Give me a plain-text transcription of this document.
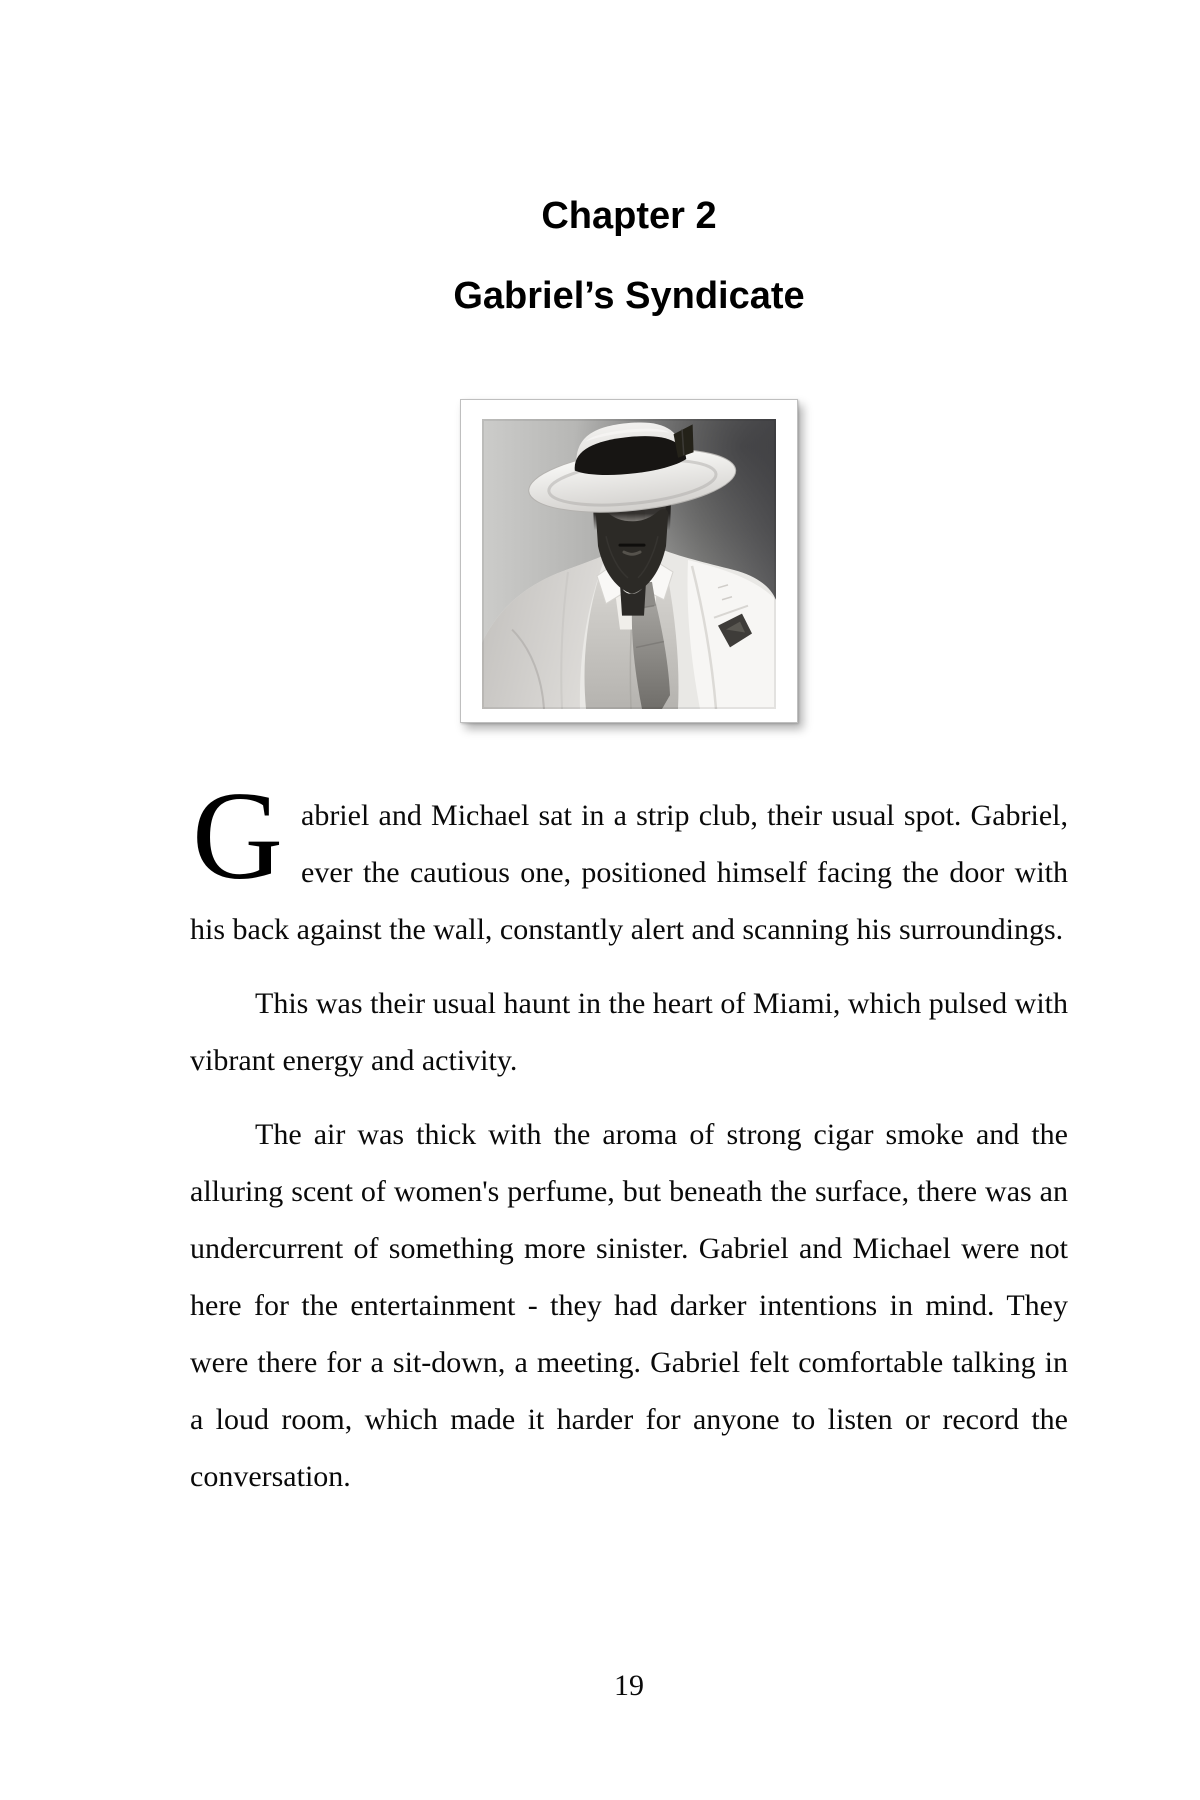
Chapter 2
Gabriel’s Syndicate

Gabriel and Michael sat in a strip club, their usual spot. Gabriel, ever the cautious one, positioned himself facing the door with his back against the wall, constantly alert and scanning his surroundings.

This was their usual haunt in the heart of Miami, which pulsed with vibrant energy and activity.

The air was thick with the aroma of strong cigar smoke and the alluring scent of women's perfume, but beneath the surface, there was an undercurrent of something more sinister. Gabriel and Michael were not here for the entertainment - they had darker intentions in mind. They were there for a sit-down, a meeting. Gabriel felt comfortable talking in a loud room, which made it harder for anyone to listen or record the conversation.

19
